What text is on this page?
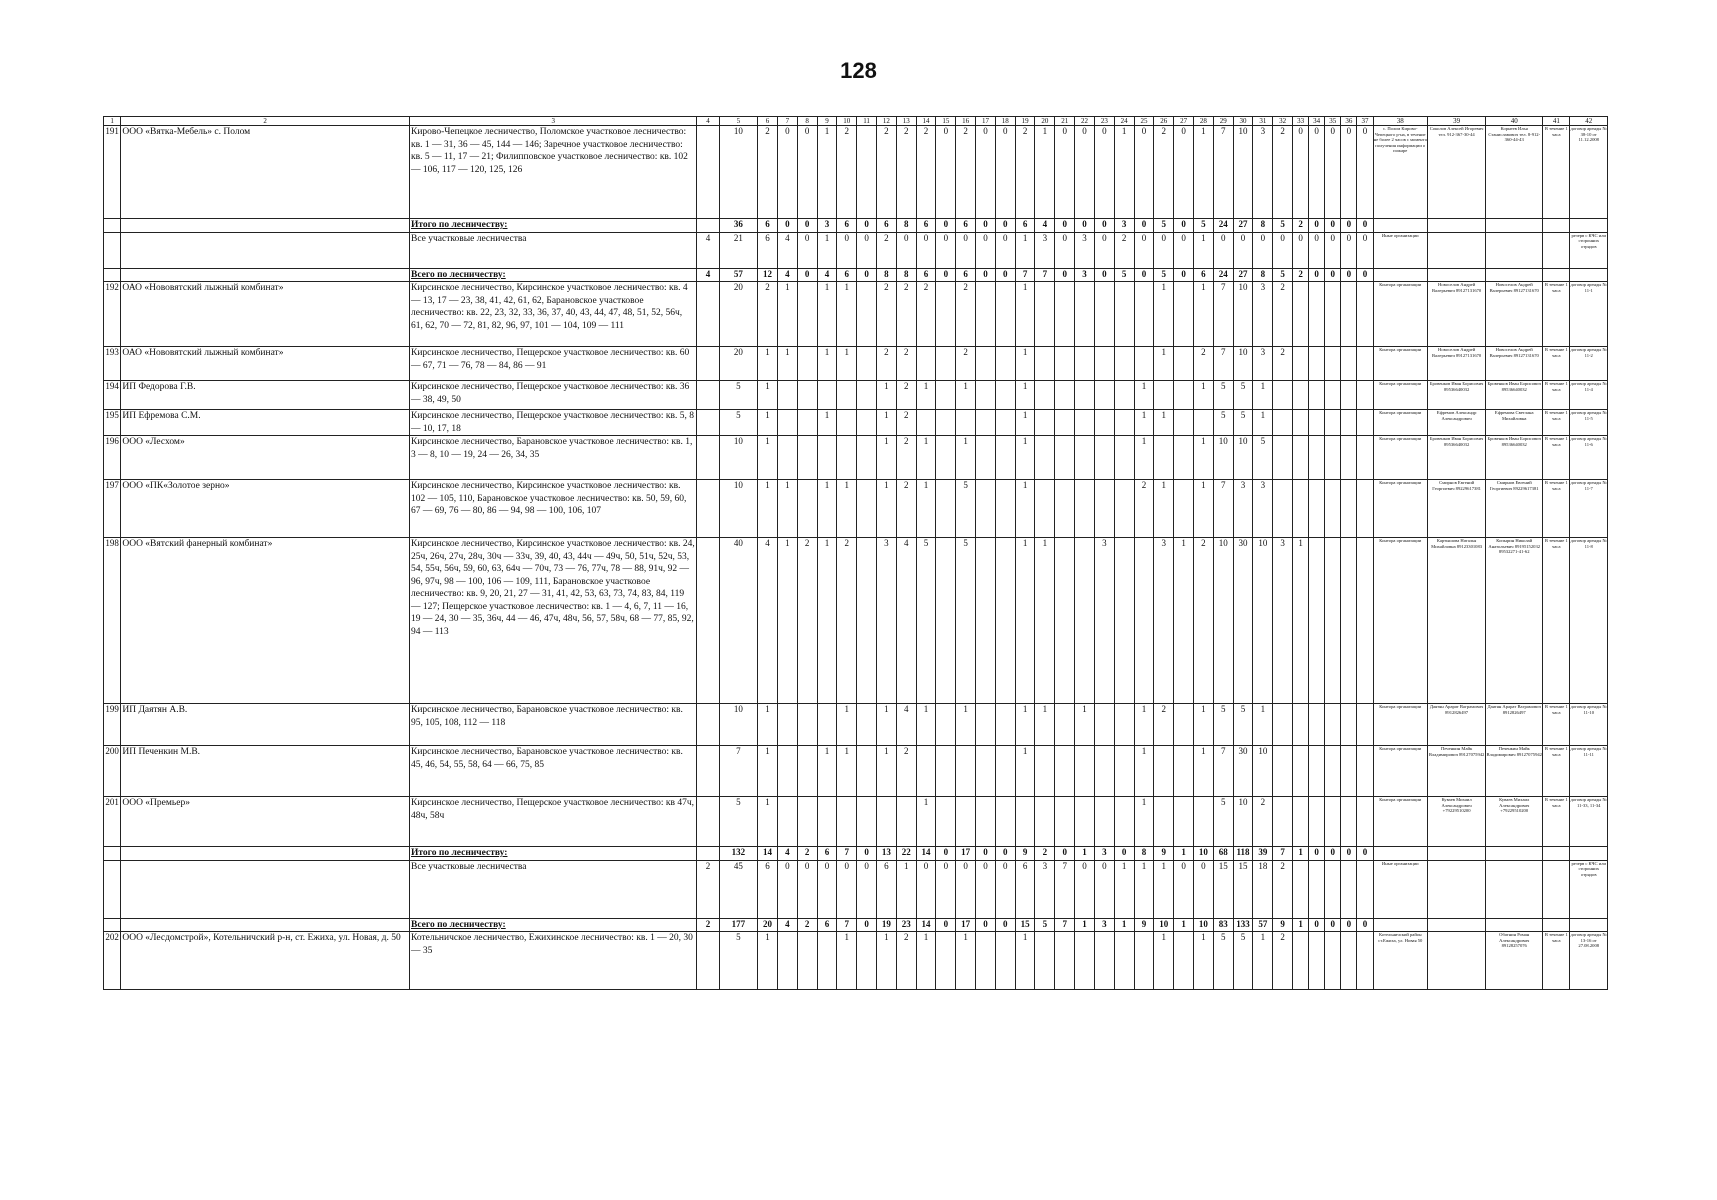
128
1	2	3	4	5	6	7	8	9	10	11	12	13	14	15	16	17	18	19	20	21	22	23	24	25	26	27	28	29	30	31	32	33	34	35	36	37	38	39	40	41	42
191	ООО «Вятка-Мебель» с. Полом	Кирово-Чепецкое лесничество, Поломское участковое лесничество: кв. 1 — 31, 36 — 45, 144 — 146; Заречное участковое лесничество: кв. 5 — 11, 17 — 21; Филипповское участковое лесничество: кв. 102 — 106, 117 — 120, 125, 126		10	2	0	0	1	2		2	2	2	0	2	0	0	2	1	0	0	0	1	0	2	0	1	7	10	3	2	0	0	0	0	0	с. Полом Кирово-Чепецкого р-на, в течение не более 2 часов с момента получения информации о пожаре	Соколов Алексей Игоревич тел. 912-367-30-44	Корнеев Илья Станиславович тел. 8-912-360-44-43	В течение 1 часа	договор аренды № 38-10 от 11.12.2008
		Итого по лесничеству:		36	6	0	0	3	6	0	6	8	6	0	6	0	0	6	4	0	0	0	3	0	5	0	5	24	27	8	5	2	0	0	0	0					
		Все участковые лесничества	4	21	6	4	0	1	0	0	2	0	0	0	0	0	0	1	3	0	3	0	2	0	0	0	1	0	0	0	0	0	0	0	0	0	Иные организации				резерв с КЧС или сторонних отрядов
		Всего по лесничеству:	4	57	12	4	0	4	6	0	8	8	6	0	6	0	0	7	7	0	3	0	5	0	5	0	6	24	27	8	5	2	0	0	0	0					
192	ОАО «Нововятский лыжный комбинат»	Кирсинское лесничество, Кирсинское участковое лесничество: кв. 4 — 13, 17 — 23, 38, 41, 42, 61, 62, Барановское участковое лесничество: кв. 22, 23, 32, 33, 36, 37, 40, 43, 44, 47, 48, 51, 52, 56ч, 61, 62, 70 — 72, 81, 82, 96, 97, 101 — 104, 109 — 111		20	2	1		1	1		2	2	2		2			1							1		1	7	10	3	2						Контора организации	Новоселов Андрей Валерьевич 89127131670	Новоселов Андрей Валерьевич 89127131670	В течение 1 часа	договор аренды № 11-1
193	ОАО «Нововятский лыжный комбинат»	Кирсинское лесничество, Пещерское участковое лесничество: кв. 60 — 67, 71 — 76, 78 — 84, 86 — 91		20	1	1		1	1		2	2			2			1							1		2	7	10	3	2						Контора организации	Новоселов Андрей Валерьевич 89127131670	Новоселов Андрей Валерьевич 89127131670	В течение 1 часа	договор аренды № 11-2
194	ИП Федорова Г.В.	Кирсинское лесничество, Пещерское участковое лесничество: кв. 36 — 38, 49, 50		5	1						1	2	1		1			1						1			1	5	5	1							Контора организации	Бровенков Иван Борисович 89536640032	Бровенков Иван Борисович 89536640032	В течение 1 часа	договор аренды № 11-4
195	ИП Ефремова С.М.	Кирсинское лесничество, Пещерское участковое лесничество: кв. 5, 8 — 10, 17, 18		5	1			1			1	2						1						1	1			5	5	1							Контора организации	Ефремов Александр Александрович	Ефремова Светлана Михайловна	В течение 1 часа	договор аренды № 11-5
196	ООО «Лесхом»	Кирсинское лесничество, Барановское участковое лесничество: кв. 1, 3 — 8, 10 — 19, 24 — 26, 34, 35		10	1						1	2	1		1			1						1			1	10	10	5							Контора организации	Бровенков Иван Борисович 89536640032	Бровенков Иван Борисович 89536640032	В течение 1 часа	договор аренды № 11-6
197	ООО «ПК«Золотое зерно»	Кирсинское лесничество, Кирсинское участковое лесничество: кв. 102 — 105, 110, Барановское участковое лесничество: кв. 50, 59, 60, 67 — 69, 76 — 80, 86 — 94, 98 — 100, 106, 107		10	1	1		1	1		1	2	1		5			1						2	1		1	7	3	3							Контора организации	Смирнов Евгений Георгиевич 89229617381	Смирнов Евгений Георгиевич 89229617381	В течение 1 часа	договор аренды № 11-7
198	ООО «Вятский фанерный комбинат»	Кирсинское лесничество, Кирсинское участковое лесничество: кв. 24, 25ч, 26ч, 27ч, 28ч, 30ч — 33ч, 39, 40, 43, 44ч — 49ч, 50, 51ч, 52ч, 53, 54, 55ч, 56ч, 59, 60, 63, 64ч — 70ч, 73 — 76, 77ч, 78 — 88, 91ч, 92 — 96, 97ч, 98 — 100, 106 — 109, 111, Барановское участковое лесничество: кв. 9, 20, 21, 27 — 31, 41, 42, 53, 63, 73, 74, 83, 84, 119 — 127; Пещерское участковое лесничество: кв. 1 — 4, 6, 7, 11 — 16, 19 — 24, 30 — 35, 36ч, 44 — 46, 47ч, 48ч, 56, 57, 58ч, 68 — 77, 85, 92, 94 — 113		40	4	1	2	1	2		3	4	5		5			1	1			3			3	1	2	10	30	10	3	1					Контора организации	Картышова Наталья Михайловна 89123301083	Копырин Николай Анатольевич 89195152032 89532271-41-62	В течение 1 часа	договор аренды № 11-8
199	ИП Даятян А.В.	Кирсинское лесничество, Барановское участковое лесничество: кв. 95, 105, 108, 112 — 118		10	1				1		1	4	1		1			1	1		1			1	2		1	5	5	1							Контора организации	Даятян Арарат Ваграмович 8912826497	Даятян Арарат Ваграмович 8912826497	В течение 1 часа	договор аренды № 11-10
200	ИП Печенкин М.В.	Кирсинское лесничество, Барановское участковое лесничество: кв. 45, 46, 54, 55, 58, 64 — 66, 75, 85		7	1			1	1		1	2						1						1			1	7	30	10							Контора организации	Печенкин Майк Владимирович 89127075942	Печенкин Майк Владимирович 89127075942	В течение 1 часа	договор аренды № 11-11
201	ООО «Премьер»	Кирсинское лесничество, Пещерское участковое лесничество: кв 47ч, 48ч, 58ч		5	1								1											1				5	10	2							Контора организации	Куваев Михаил Александрович +79229510200	Куваев Михаил Александрович +79229510200	В течение 1 часа	договор аренды № 11-33, 11-34
		Итого по лесничеству:		132	14	4	2	6	7	0	13	22	14	0	17	0	0	9	2	0	1	3	0	8	9	1	10	68	118	39	7	1	0	0	0	0					
		Все участковые лесничества	2	45	6	0	0	0	0	0	6	1	0	0	0	0	0	6	3	7	0	0	1	1	1	0	0	15	15	18	2						Иные организации				резерв с КЧС или сторонних отрядов
		Всего по лесничеству:	2	177	20	4	2	6	7	0	19	23	14	0	17	0	0	15	5	7	1	3	1	9	10	1	10	83	133	57	9	1	0	0	0	0					
202	ООО «Лесдомстрой», Котельничский р-н, ст. Ежиха, ул. Новая, д. 50	Котельничское лесничество, Ежихинское лесничество: кв. 1 — 20, 30 — 35		5	1				1		1	2	1		1			1							1		1	5	5	1	2						Котельничский район ст.Ежиха, ул. Новая 50		Обатнин Роман Александрович 89128257076	В течение 1 часа	договор аренды № 13-16 от 27.08.2008
